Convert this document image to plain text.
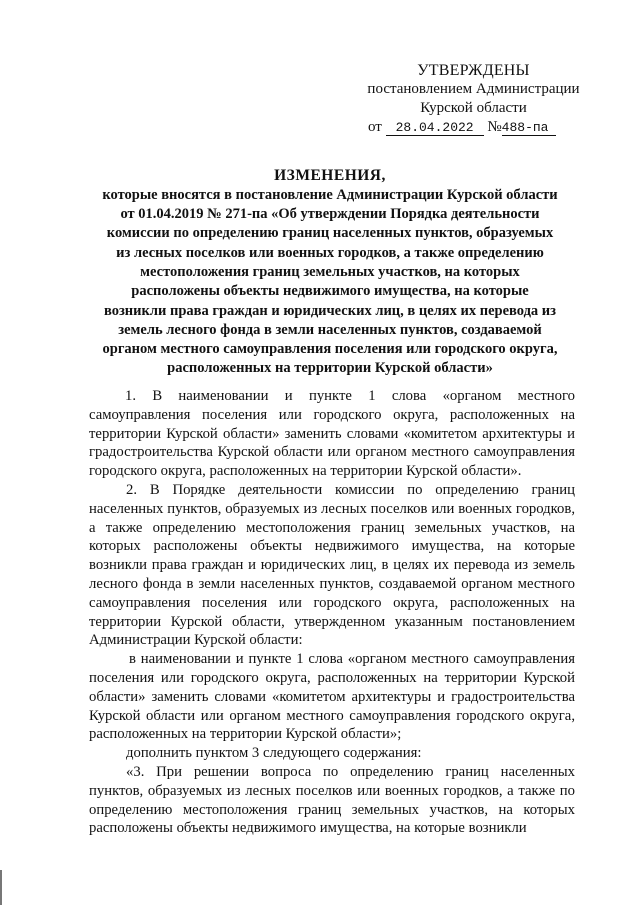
УТВЕРЖДЕНЫ
постановлением Администрации
Курской области
от 28.04.2022 №488-па
ИЗМЕНЕНИЯ,
которые вносятся в постановление Администрации Курской области
от 01.04.2019 № 271-па «Об утверждении Порядка деятельности
комиссии по определению границ населенных пунктов, образуемых
из лесных поселков или военных городков, а также определению
местоположения границ земельных участков, на которых
расположены объекты недвижимого имущества, на которые
возникли права граждан и юридических лиц, в целях их перевода из
земель лесного фонда в земли населенных пунктов, создаваемой
органом местного самоуправления поселения или городского округа,
расположенных на территории Курской области»

1. В наименовании и пункте 1 слова «органом местного самоуправления поселения или городского округа, расположенных на территории Курской области» заменить словами «комитетом архитектуры и градостроительства Курской области или органом местного самоуправления городского округа, расположенных на территории Курской области».

2. В Порядке деятельности комиссии по определению границ населенных пунктов, образуемых из лесных поселков или военных городков, а также определению местоположения границ земельных участков, на которых расположены объекты недвижимого имущества, на которые возникли права граждан и юридических лиц, в целях их перевода из земель лесного фонда в земли населенных пунктов, создаваемой органом местного самоуправления поселения или городского округа, расположенных на территории Курской области, утвержденном указанным постановлением Администрации Курской области:

в наименовании и пункте 1 слова «органом местного самоуправления поселения или городского округа, расположенных на территории Курской области» заменить словами «комитетом архитектуры и градостроительства Курской области или органом местного самоуправления городского округа, расположенных на территории Курской области»;

дополнить пунктом 3 следующего содержания:

«3. При решении вопроса по определению границ населенных пунктов, образуемых из лесных поселков или военных городков, а также по определению местоположения границ земельных участков, на которых расположены объекты недвижимого имущества, на которые возникли
